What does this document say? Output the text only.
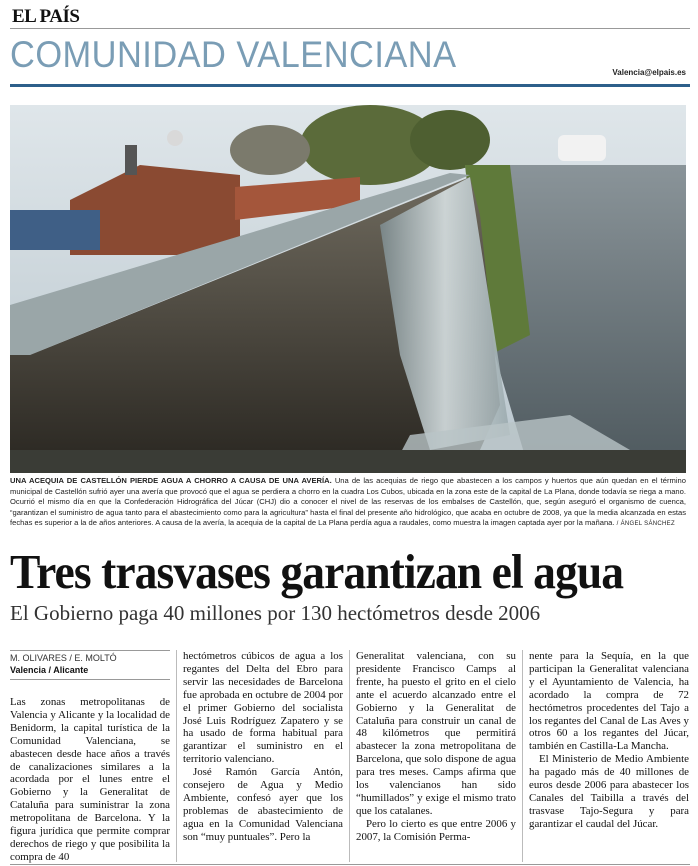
EL PAÍS
COMUNIDAD VALENCIANA	Valencia@elpais.es
UNA ACEQUIA DE CASTELLÓN PIERDE AGUA A CHORRO A CAUSA DE UNA AVERÍA. Una de las acequias de riego que abastecen a los campos y huertos que aún quedan en el término municipal de Castellón sufrió ayer una avería que provocó que el agua se perdiera a chorro en la cuadra Los Cubos, ubicada en la zona este de la capital de La Plana, donde todavía se riega a mano. Ocurrió el mismo día en que la Confederación Hidrográfica del Júcar (CHJ) dio a conocer el nivel de las reservas de los embalses de Castellón, que, según aseguró el organismo de cuenca, “garantizan el suministro de agua tanto para el abastecimiento como para la agricultura” hasta el final del presente año hidrológico, que acaba en octubre de 2008, ya que la media alcanzada en estas fechas es superior a la de años anteriores. A causa de la avería, la acequia de la capital de La Plana perdía agua a raudales, como muestra la imagen captada ayer por la mañana. / ÁNGEL SÁNCHEZ
Tres trasvases garantizan el agua
El Gobierno paga 40 millones por 130 hectómetros desde 2006
M. OLIVARES / E. MOLTÓ
Valencia / Alicante

Las zonas metropolitanas de Valencia y Alicante y la localidad de Benidorm, la capital turística de la Comunidad Valenciana, se abastecen desde hace años a través de canalizaciones similares a la acordada por el lunes entre el Gobierno y la Generalitat de Cataluña para suministrar la zona metropolitana de Barcelona. Y la figura jurídica que permite comprar derechos de riego y que posibilita la compra de 40

hectómetros cúbicos de agua a los regantes del Delta del Ebro para servir las necesidades de Barcelona fue aprobada en octubre de 2004 por el primer Gobierno del socialista José Luis Rodríguez Zapatero y se ha usado de forma habitual para garantizar el suministro en el territorio valenciano.

José Ramón García Antón, consejero de Agua y Medio Ambiente, confesó ayer que los problemas de abastecimiento de agua en la Comunidad Valenciana son “muy puntuales”. Pero la

Generalitat valenciana, con su presidente Francisco Camps al frente, ha puesto el grito en el cielo ante el acuerdo alcanzado entre el Gobierno y la Generalitat de Cataluña para construir un canal de 48 kilómetros que permitirá abastecer la zona metropolitana de Barcelona, que solo dispone de agua para tres meses. Camps afirma que los valencianos han sido “humillados” y exige el mismo trato que los catalanes.

Pero lo cierto es que entre 2006 y 2007, la Comisión Perma-

nente para la Sequía, en la que participan la Generalitat valenciana y el Ayuntamiento de Valencia, ha acordado la compra de 72 hectómetros procedentes del Tajo a los regantes del Canal de Las Aves y otros 60 a los regantes del Júcar, también en Castilla-La Mancha.

El Ministerio de Medio Ambiente ha pagado más de 40 millones de euros desde 2006 para abastecer los Canales del Taibilla a través del trasvase Tajo-Segura y para garantizar el caudal del Júcar.
